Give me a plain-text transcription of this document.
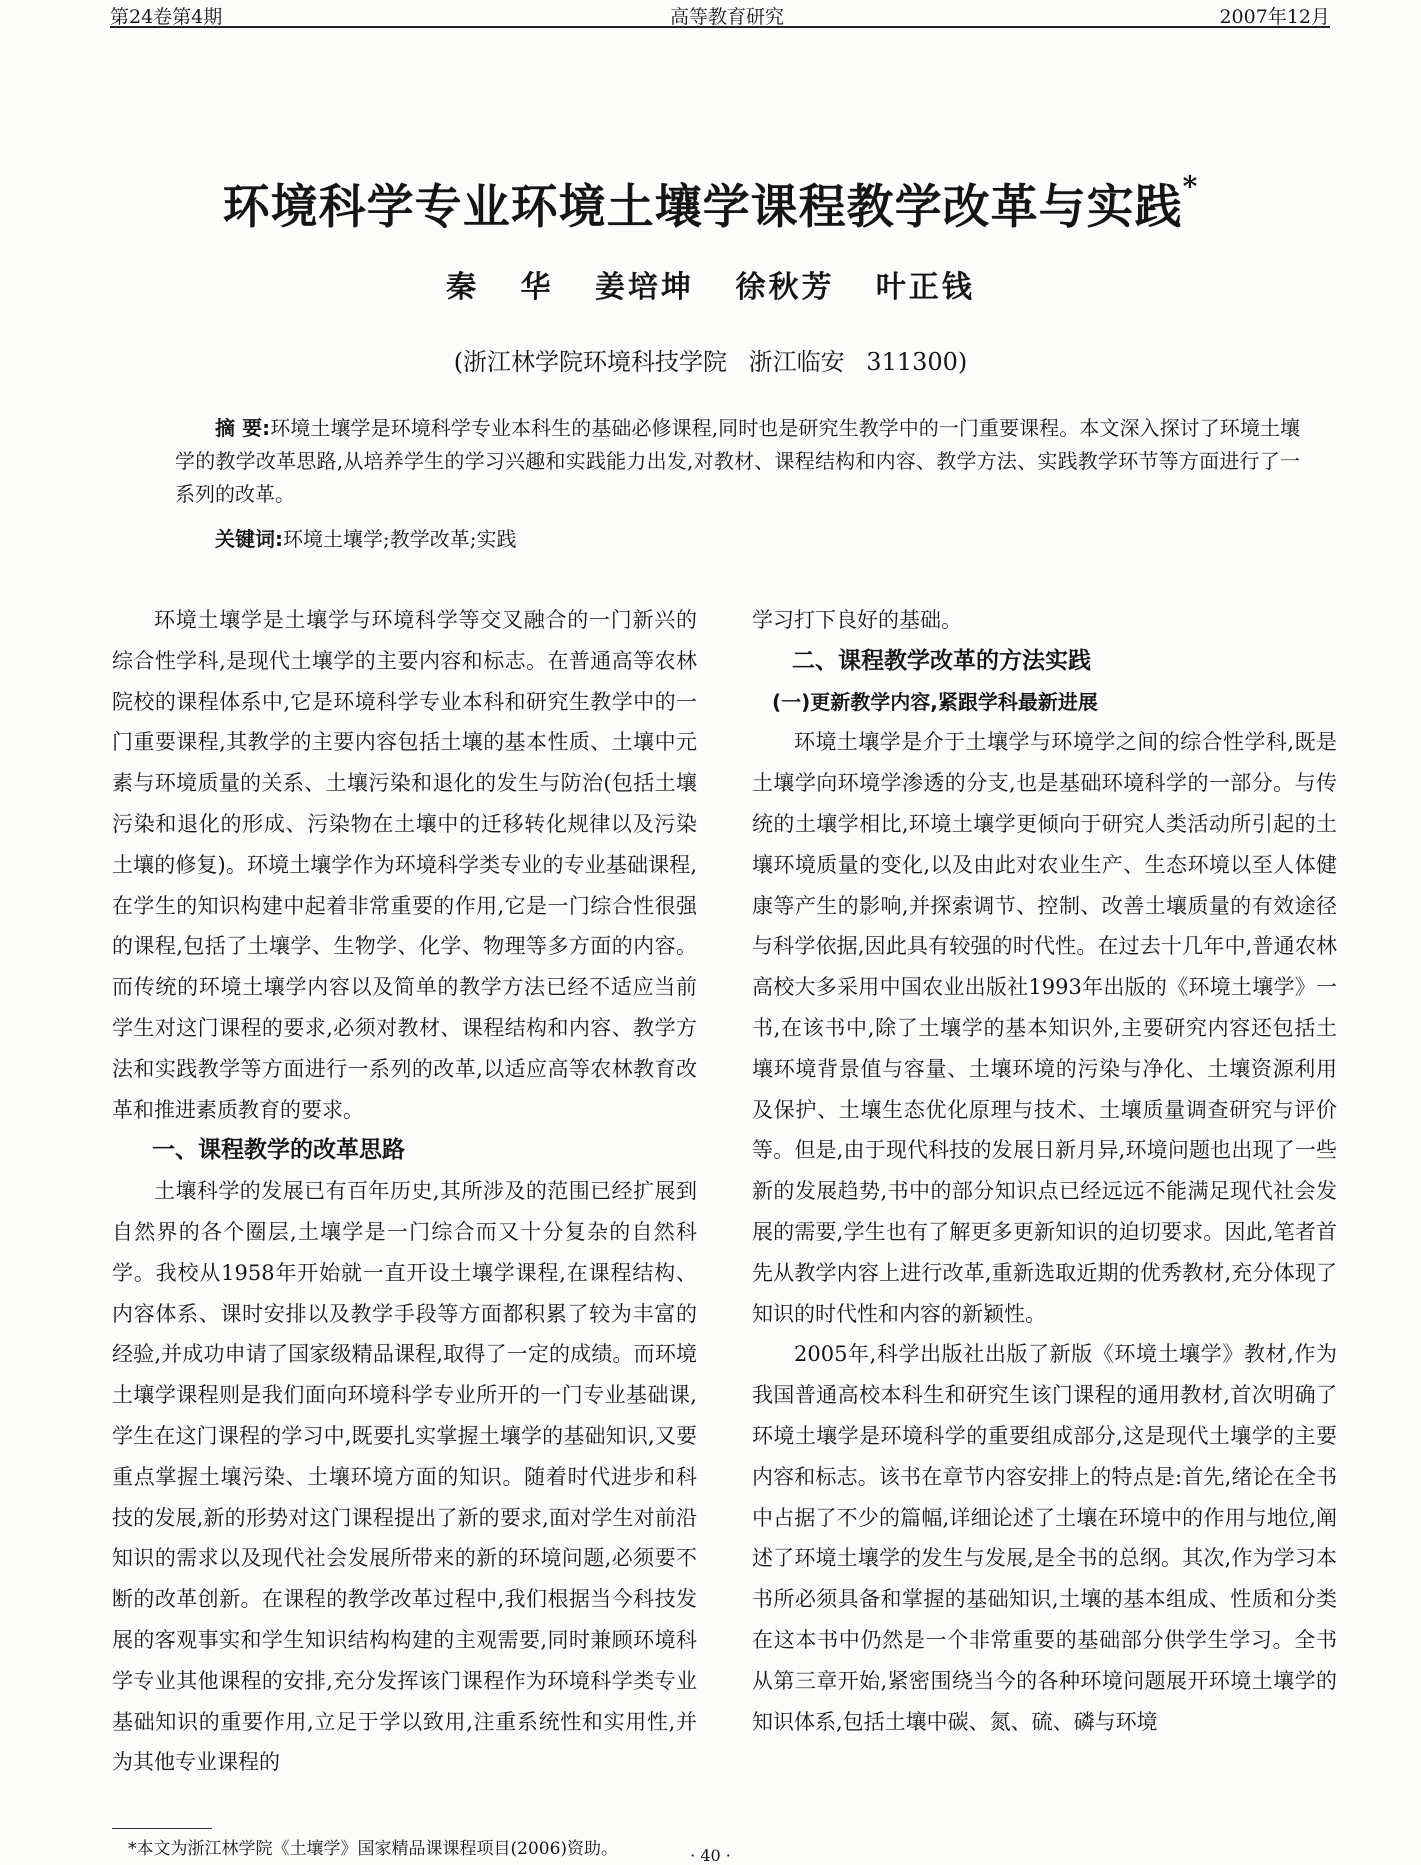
第24卷第4期	高等教育研究	2007年12月
环境科学专业环境土壤学课程教学改革与实践*
秦 华 姜培坤 徐秋芳 叶正钱
(浙江林学院环境科技学院 浙江临安 311300)
摘 要:环境土壤学是环境科学专业本科生的基础必修课程,同时也是研究生教学中的一门重要课程。本文深入探讨了环境土壤学的教学改革思路,从培养学生的学习兴趣和实践能力出发,对教材、课程结构和内容、教学方法、实践教学环节等方面进行了一系列的改革。
关键词:环境土壤学;教学改革;实践

环境土壤学是土壤学与环境科学等交叉融合的一门新兴的综合性学科,是现代土壤学的主要内容和标志。在普通高等农林院校的课程体系中,它是环境科学专业本科和研究生教学中的一门重要课程,其教学的主要内容包括土壤的基本性质、土壤中元素与环境质量的关系、土壤污染和退化的发生与防治(包括土壤污染和退化的形成、污染物在土壤中的迁移转化规律以及污染土壤的修复)。环境土壤学作为环境科学类专业的专业基础课程,在学生的知识构建中起着非常重要的作用,它是一门综合性很强的课程,包括了土壤学、生物学、化学、物理等多方面的内容。而传统的环境土壤学内容以及简单的教学方法已经不适应当前学生对这门课程的要求,必须对教材、课程结构和内容、教学方法和实践教学等方面进行一系列的改革,以适应高等农林教育改革和推进素质教育的要求。

一、课程教学的改革思路

土壤科学的发展已有百年历史,其所涉及的范围已经扩展到自然界的各个圈层,土壤学是一门综合而又十分复杂的自然科学。我校从1958年开始就一直开设土壤学课程,在课程结构、内容体系、课时安排以及教学手段等方面都积累了较为丰富的经验,并成功申请了国家级精品课程,取得了一定的成绩。而环境土壤学课程则是我们面向环境科学专业所开的一门专业基础课,学生在这门课程的学习中,既要扎实掌握土壤学的基础知识,又要重点掌握土壤污染、土壤环境方面的知识。随着时代进步和科技的发展,新的形势对这门课程提出了新的要求,面对学生对前沿知识的需求以及现代社会发展所带来的新的环境问题,必须要不断的改革创新。在课程的教学改革过程中,我们根据当今科技发展的客观事实和学生知识结构构建的主观需要,同时兼顾环境科学专业其他课程的安排,充分发挥该门课程作为环境科学类专业基础知识的重要作用,立足于学以致用,注重系统性和实用性,并为其他专业课程的

学习打下良好的基础。

二、课程教学改革的方法实践
(一)更新教学内容,紧跟学科最新进展

环境土壤学是介于土壤学与环境学之间的综合性学科,既是土壤学向环境学渗透的分支,也是基础环境科学的一部分。与传统的土壤学相比,环境土壤学更倾向于研究人类活动所引起的土壤环境质量的变化,以及由此对农业生产、生态环境以至人体健康等产生的影响,并探索调节、控制、改善土壤质量的有效途径与科学依据,因此具有较强的时代性。在过去十几年中,普通农林高校大多采用中国农业出版社1993年出版的《环境土壤学》一书,在该书中,除了土壤学的基本知识外,主要研究内容还包括土壤环境背景值与容量、土壤环境的污染与净化、土壤资源利用及保护、土壤生态优化原理与技术、土壤质量调查研究与评价等。但是,由于现代科技的发展日新月异,环境问题也出现了一些新的发展趋势,书中的部分知识点已经远远不能满足现代社会发展的需要,学生也有了解更多更新知识的迫切要求。因此,笔者首先从教学内容上进行改革,重新选取近期的优秀教材,充分体现了知识的时代性和内容的新颖性。

2005年,科学出版社出版了新版《环境土壤学》教材,作为我国普通高校本科生和研究生该门课程的通用教材,首次明确了环境土壤学是环境科学的重要组成部分,这是现代土壤学的主要内容和标志。该书在章节内容安排上的特点是:首先,绪论在全书中占据了不少的篇幅,详细论述了土壤在环境中的作用与地位,阐述了环境土壤学的发生与发展,是全书的总纲。其次,作为学习本书所必须具备和掌握的基础知识,土壤的基本组成、性质和分类在这本书中仍然是一个非常重要的基础部分供学生学习。全书从第三章开始,紧密围绕当今的各种环境问题展开环境土壤学的知识体系,包括土壤中碳、氮、硫、磷与环境

*本文为浙江林学院《土壤学》国家精品课课程项目(2006)资助。	· 40 ·
